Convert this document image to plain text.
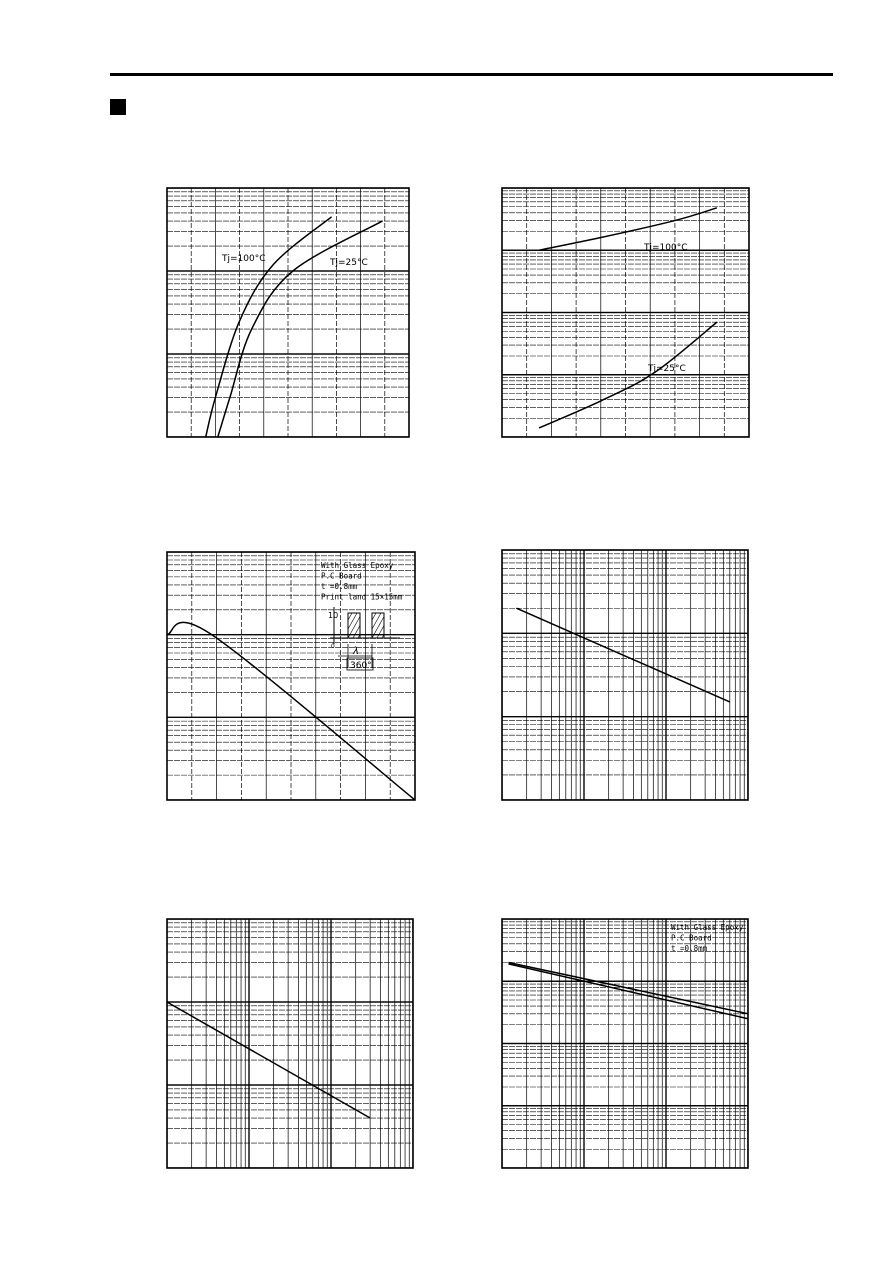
Tj=100°C	Tj=25°C
Tj=100°C
Tj=25°C
With Glass Epoxy
P.C Board
t =0.8mm
Print land 15×15mm
10
0 λ
360°
With Glass Epoxy
P.C Board
t =0.8mm
